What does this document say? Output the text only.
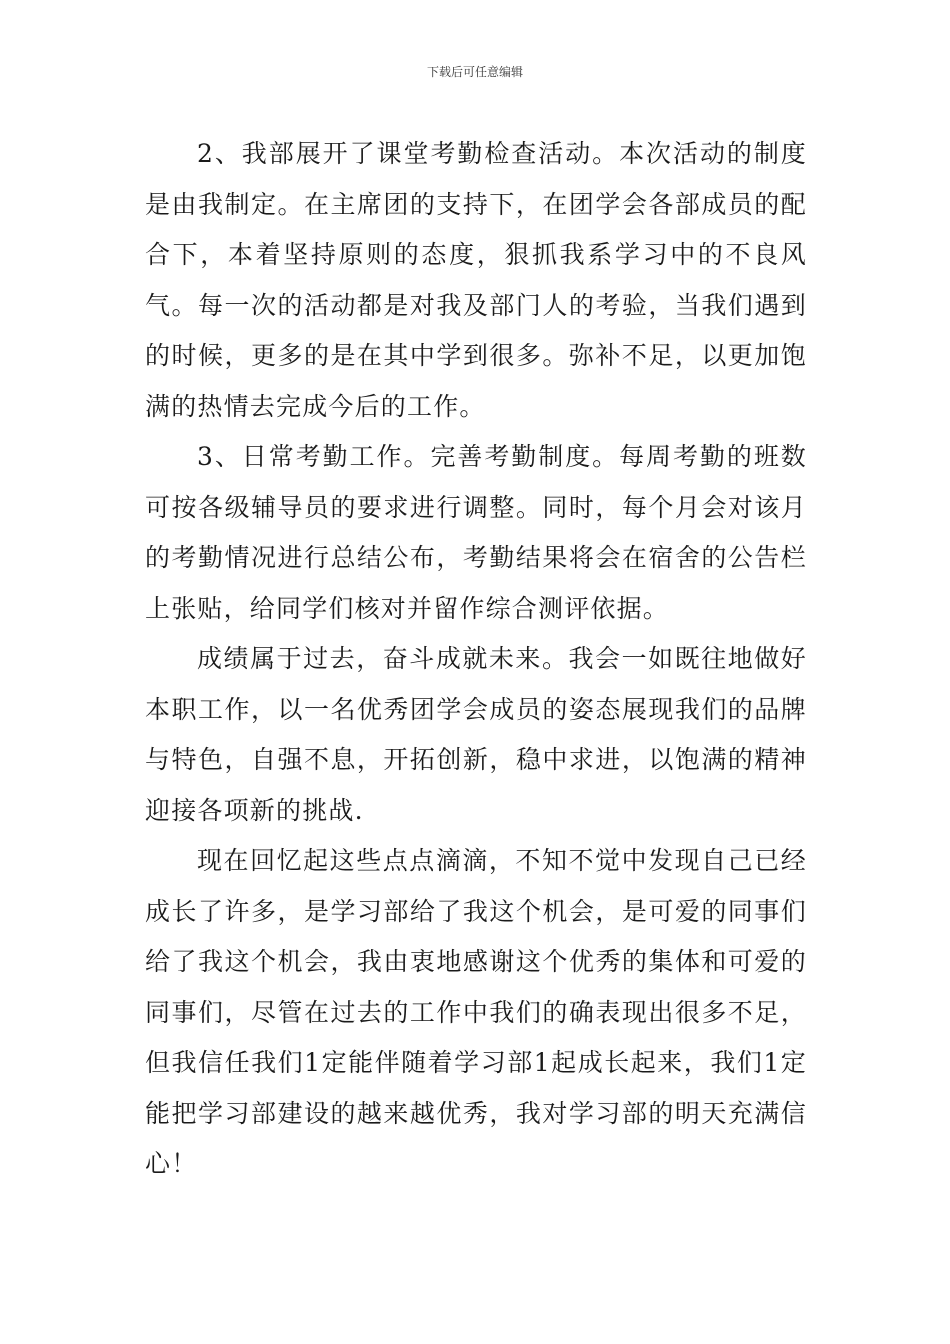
下载后可任意编辑

2、我部展开了课堂考勤检查活动。本次活动的制度是由我制定。在主席团的支持下，在团学会各部成员的配合下，本着坚持原则的态度，狠抓我系学习中的不良风气。每一次的活动都是对我及部门人的考验，当我们遇到的时候，更多的是在其中学到很多。弥补不足，以更加饱满的热情去完成今后的工作。

3、日常考勤工作。完善考勤制度。每周考勤的班数可按各级辅导员的要求进行调整。同时，每个月会对该月的考勤情况进行总结公布，考勤结果将会在宿舍的公告栏上张贴，给同学们核对并留作综合测评依据。

成绩属于过去，奋斗成就未来。我会一如既往地做好本职工作，以一名优秀团学会成员的姿态展现我们的品牌与特色，自强不息，开拓创新，稳中求进，以饱满的精神迎接各项新的挑战.

现在回忆起这些点点滴滴，不知不觉中发现自己已经成长了许多，是学习部给了我这个机会，是可爱的同事们给了我这个机会，我由衷地感谢这个优秀的集体和可爱的同事们，尽管在过去的工作中我们的确表现出很多不足，但我信任我们1定能伴随着学习部1起成长起来，我们1定能把学习部建设的越来越优秀，我对学习部的明天充满信心！
